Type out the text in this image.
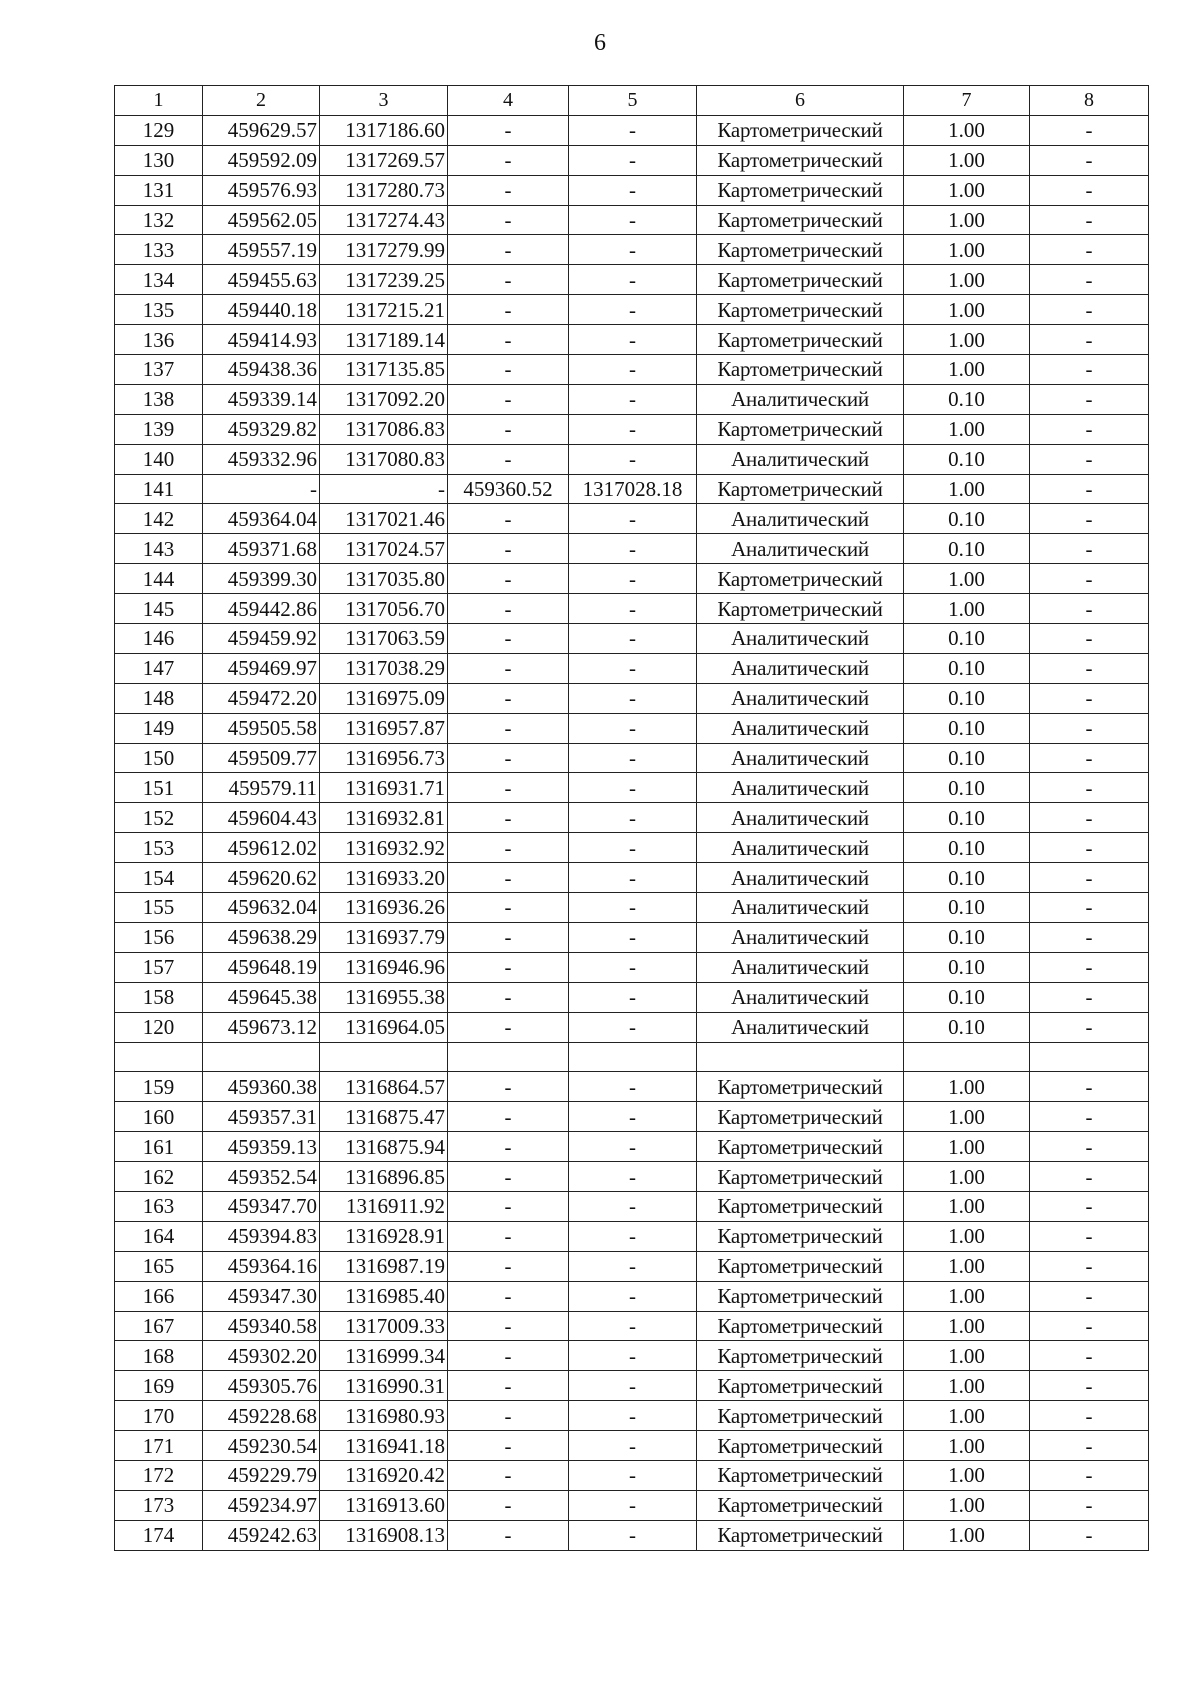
6
1	2	3	4	5	6	7	8
129	459629.57	1317186.60	-	-	Картометрический	1.00	-
130	459592.09	1317269.57	-	-	Картометрический	1.00	-
131	459576.93	1317280.73	-	-	Картометрический	1.00	-
132	459562.05	1317274.43	-	-	Картометрический	1.00	-
133	459557.19	1317279.99	-	-	Картометрический	1.00	-
134	459455.63	1317239.25	-	-	Картометрический	1.00	-
135	459440.18	1317215.21	-	-	Картометрический	1.00	-
136	459414.93	1317189.14	-	-	Картометрический	1.00	-
137	459438.36	1317135.85	-	-	Картометрический	1.00	-
138	459339.14	1317092.20	-	-	Аналитический	0.10	-
139	459329.82	1317086.83	-	-	Картометрический	1.00	-
140	459332.96	1317080.83	-	-	Аналитический	0.10	-
141	-	-	459360.52	1317028.18	Картометрический	1.00	-
142	459364.04	1317021.46	-	-	Аналитический	0.10	-
143	459371.68	1317024.57	-	-	Аналитический	0.10	-
144	459399.30	1317035.80	-	-	Картометрический	1.00	-
145	459442.86	1317056.70	-	-	Картометрический	1.00	-
146	459459.92	1317063.59	-	-	Аналитический	0.10	-
147	459469.97	1317038.29	-	-	Аналитический	0.10	-
148	459472.20	1316975.09	-	-	Аналитический	0.10	-
149	459505.58	1316957.87	-	-	Аналитический	0.10	-
150	459509.77	1316956.73	-	-	Аналитический	0.10	-
151	459579.11	1316931.71	-	-	Аналитический	0.10	-
152	459604.43	1316932.81	-	-	Аналитический	0.10	-
153	459612.02	1316932.92	-	-	Аналитический	0.10	-
154	459620.62	1316933.20	-	-	Аналитический	0.10	-
155	459632.04	1316936.26	-	-	Аналитический	0.10	-
156	459638.29	1316937.79	-	-	Аналитический	0.10	-
157	459648.19	1316946.96	-	-	Аналитический	0.10	-
158	459645.38	1316955.38	-	-	Аналитический	0.10	-
120	459673.12	1316964.05	-	-	Аналитический	0.10	-

159	459360.38	1316864.57	-	-	Картометрический	1.00	-
160	459357.31	1316875.47	-	-	Картометрический	1.00	-
161	459359.13	1316875.94	-	-	Картометрический	1.00	-
162	459352.54	1316896.85	-	-	Картометрический	1.00	-
163	459347.70	1316911.92	-	-	Картометрический	1.00	-
164	459394.83	1316928.91	-	-	Картометрический	1.00	-
165	459364.16	1316987.19	-	-	Картометрический	1.00	-
166	459347.30	1316985.40	-	-	Картометрический	1.00	-
167	459340.58	1317009.33	-	-	Картометрический	1.00	-
168	459302.20	1316999.34	-	-	Картометрический	1.00	-
169	459305.76	1316990.31	-	-	Картометрический	1.00	-
170	459228.68	1316980.93	-	-	Картометрический	1.00	-
171	459230.54	1316941.18	-	-	Картометрический	1.00	-
172	459229.79	1316920.42	-	-	Картометрический	1.00	-
173	459234.97	1316913.60	-	-	Картометрический	1.00	-
174	459242.63	1316908.13	-	-	Картометрический	1.00	-
